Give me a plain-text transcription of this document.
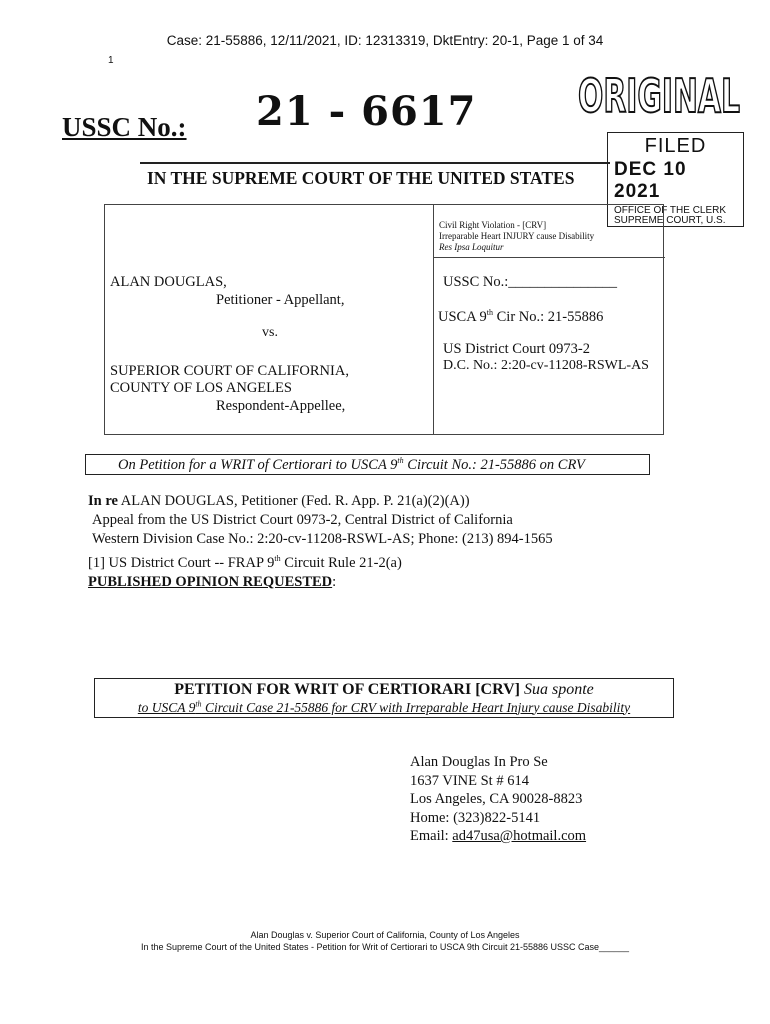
Case: 21-55886, 12/11/2021, ID: 12313319, DktEntry: 20-1, Page 1 of 34
1
USSC No.: 21 - 6617 ORIGINAL
FILED
DEC 10 2021
OFFICE OF THE CLERK
SUPREME COURT, U.S.
IN THE SUPREME COURT OF THE UNITED STATES
Civil Right Violation - [CRV]
Irreparable Heart INJURY cause Disability
Res Ipsa Loquitur
ALAN DOUGLAS,
Petitioner - Appellant,
vs.
SUPERIOR COURT OF CALIFORNIA,
COUNTY OF LOS ANGELES
Respondent-Appellee,
USSC No.:_______________
USCA 9th Cir No.: 21-55886
US District Court 0973-2
D.C. No.: 2:20-cv-11208-RSWL-AS
On Petition for a WRIT of Certiorari to USCA 9th Circuit No.: 21-55886 on CRV
In re ALAN DOUGLAS, Petitioner (Fed. R. App. P. 21(a)(2)(A))
Appeal from the US District Court 0973-2, Central District of California
Western Division Case No.: 2:20-cv-11208-RSWL-AS; Phone: (213) 894-1565
[1] US District Court -- FRAP 9th Circuit Rule 21-2(a)
PUBLISHED OPINION REQUESTED:
PETITION FOR WRIT OF CERTIORARI [CRV] Sua sponte
to USCA 9th Circuit Case 21-55886 for CRV with Irreparable Heart Injury cause Disability
Alan Douglas In Pro Se
1637 VINE St # 614
Los Angeles, CA 90028-8823
Home: (323)822-5141
Email: ad47usa@hotmail.com
Alan Douglas v. Superior Court of California, County of Los Angeles
In the Supreme Court of the United States - Petition for Writ of Certiorari to USCA 9th Circuit 21-55886 USSC Case______
